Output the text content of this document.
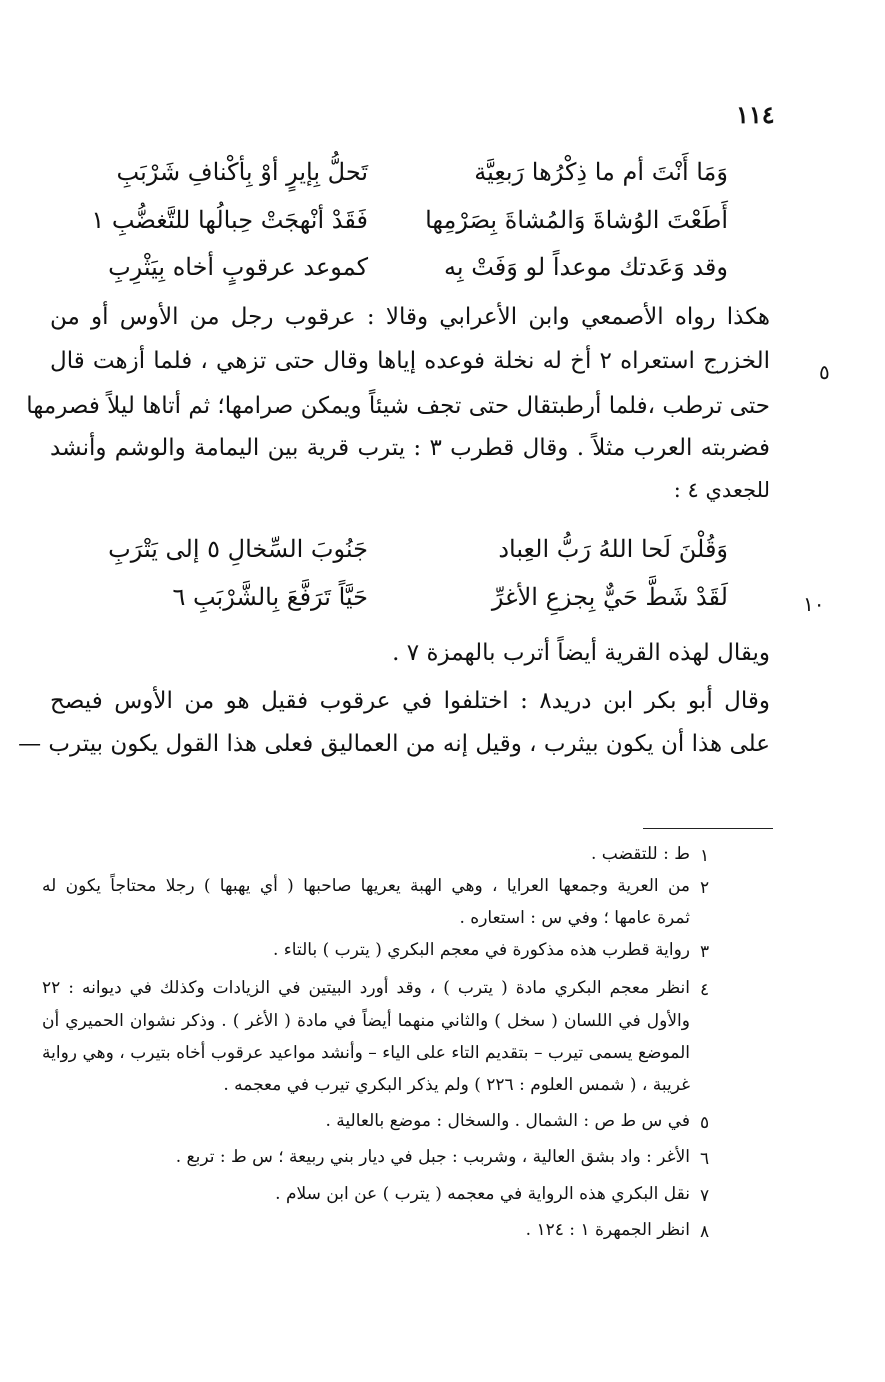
١١٤
وَمَا أَنْتَ أم ما ذِكْرُها رَبعِيَّة
تَحلُّ بِإيرٍ أوْ بِأكْنافِ شَرْبَبِ
أَطَعْتَ الوُشاةَ وَالمُشاةَ بِصَرْمِها
فَقَدْ أنْهجَتْ حِبالُها للتَّغضُّبِ ١
وقد وَعَدتك موعداً لو وَفَتْ بِه
كموعد عرقوبٍ أخاه بِيَثْرِبِ
هكذا رواه الأصمعي وابن الأعرابي وقالا : عرقوب رجل من الأوس أو من
الخزرج استعراه ٢ أخ له نخلة فوعده إياها وقال حتى تزهي ، فلما أزهت قال
حتى ترطب ،فلما أرطبتقال حتى تجف شيئاً ويمكن صرامها؛ ثم أتاها ليلاً فصرمها
فضربته العرب مثلاً . وقال قطرب ٣ : يترب قرية بين اليمامة والوشم وأنشد
للجعدي ٤ :
٥
وَقُلْنَ لَحا اللهُ رَبُّ العِباد
جَنُوبَ السِّخالِ ٥ إلى يَتْرَبِ
لَقَدْ شَطَّ حَيٌّ بِجزعِ الأغرِّ
حَيَّاً تَرَفَّعَ بِالشَّرْبَبِ ٦	١٠
ويقال لهذه القرية أيضاً أترب بالهمزة ٧ .
وقال أبو بكر ابن دريد٨ : اختلفوا في عرقوب فقيل هو من الأوس فيصح
على هذا أن يكون بيثرب ، وقيل إنه من العماليق فعلى هذا القول يكون بيترب —
١
ط : للتقضب .
٢
من العرية وجمعها العرايا ، وهي الهبة يعريها صاحبها ( أي يهبها ) رجلا محتاجاً يكون له
ثمرة عامها ؛ وفي س : استعاره .
٣
رواية قطرب هذه مذكورة في معجم البكري ( يترب ) بالتاء .
٤
انظر معجم البكري مادة ( يترب ) ، وقد أورد البيتين في الزيادات وكذلك في ديوانه : ٢٢
والأول في اللسان ( سخل ) والثاني منهما أيضاً في مادة ( الأغر ) . وذكر نشوان الحميري أن
الموضع يسمى تيرب – بتقديم التاء على الياء – وأنشد مواعيد عرقوب أخاه بتيرب ، وهي رواية
غريبة ، ( شمس العلوم : ٢٢٦ ) ولم يذكر البكري تيرب في معجمه .
٥
في س ط ص : الشمال . والسخال : موضع بالعالية .
٦
الأغر : واد بشق العالية ، وشربب : جبل في ديار بني ربيعة ؛ س ط : تربع .
٧
نقل البكري هذه الرواية في معجمه ( يترب ) عن ابن سلام .
٨
انظر الجمهرة ١ : ١٢٤ .
